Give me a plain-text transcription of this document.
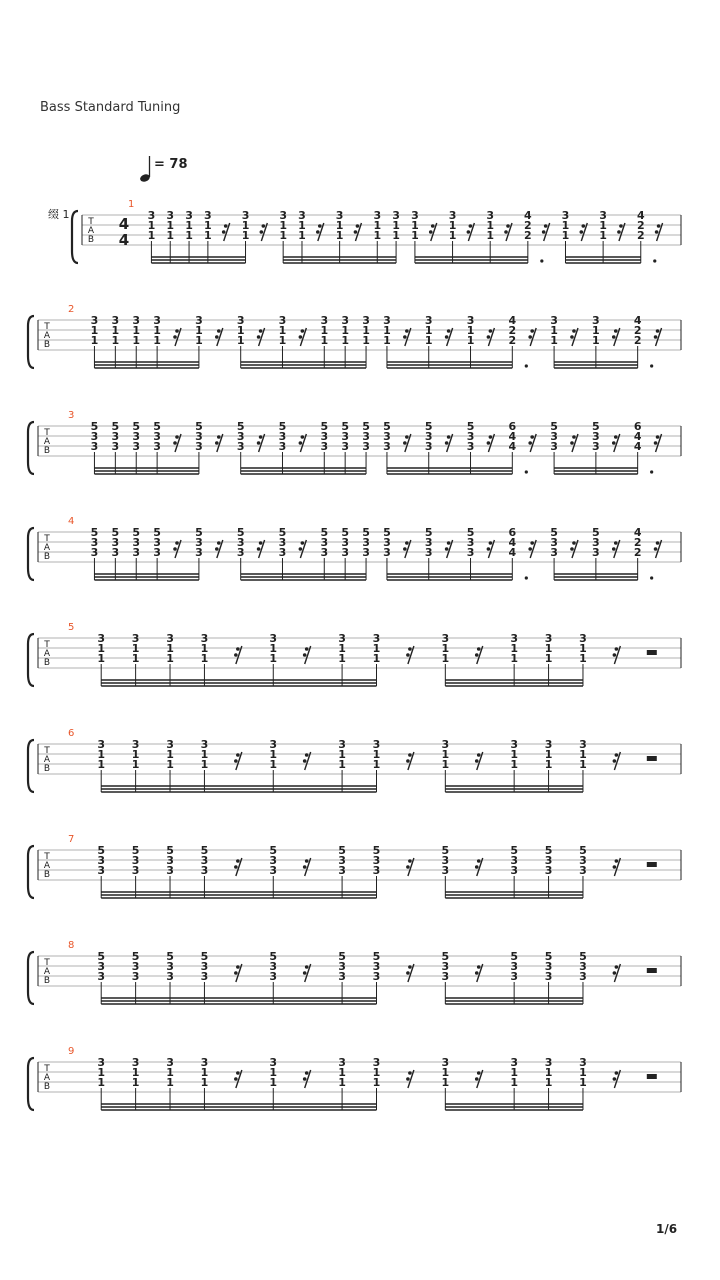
Bass Standard Tuning
= 78
缀 1
T
A
B
1
4
4
3
1
1
3
1
1
3
1
1
3
1
1
3
1
1
3
1
1
3
1
1
3
1
1
3
1
1
3
1
1
3
1
1
3
1
1
3
1
1
4
2
2
3
1
1
3
1
1
4
2
2
T
A
B
2
3
1
1
3
1
1
3
1
1
3
1
1
3
1
1
3
1
1
3
1
1
3
1
1
3
1
1
3
1
1
3
1
1
3
1
1
3
1
1
4
2
2
3
1
1
3
1
1
4
2
2
T
A
B
3
5
3
3
5
3
3
5
3
3
5
3
3
5
3
3
5
3
3
5
3
3
5
3
3
5
3
3
5
3
3
5
3
3
5
3
3
5
3
3
6
4
4
5
3
3
5
3
3
6
4
4
T
A
B
4
5
3
3
5
3
3
5
3
3
5
3
3
5
3
3
5
3
3
5
3
3
5
3
3
5
3
3
5
3
3
5
3
3
5
3
3
5
3
3
6
4
4
5
3
3
5
3
3
4
2
2
T
A
B
5
3
1
1
3
1
1
3
1
1
3
1
1
3
1
1
3
1
1
3
1
1
3
1
1
3
1
1
3
1
1
3
1
1
T
A
B
6
3
1
1
3
1
1
3
1
1
3
1
1
3
1
1
3
1
1
3
1
1
3
1
1
3
1
1
3
1
1
3
1
1
T
A
B
7
5
3
3
5
3
3
5
3
3
5
3
3
5
3
3
5
3
3
5
3
3
5
3
3
5
3
3
5
3
3
5
3
3
T
A
B
8
5
3
3
5
3
3
5
3
3
5
3
3
5
3
3
5
3
3
5
3
3
5
3
3
5
3
3
5
3
3
5
3
3
T
A
B
9
3
1
1
3
1
1
3
1
1
3
1
1
3
1
1
3
1
1
3
1
1
3
1
1
3
1
1
3
1
1
3
1
1
1/6
